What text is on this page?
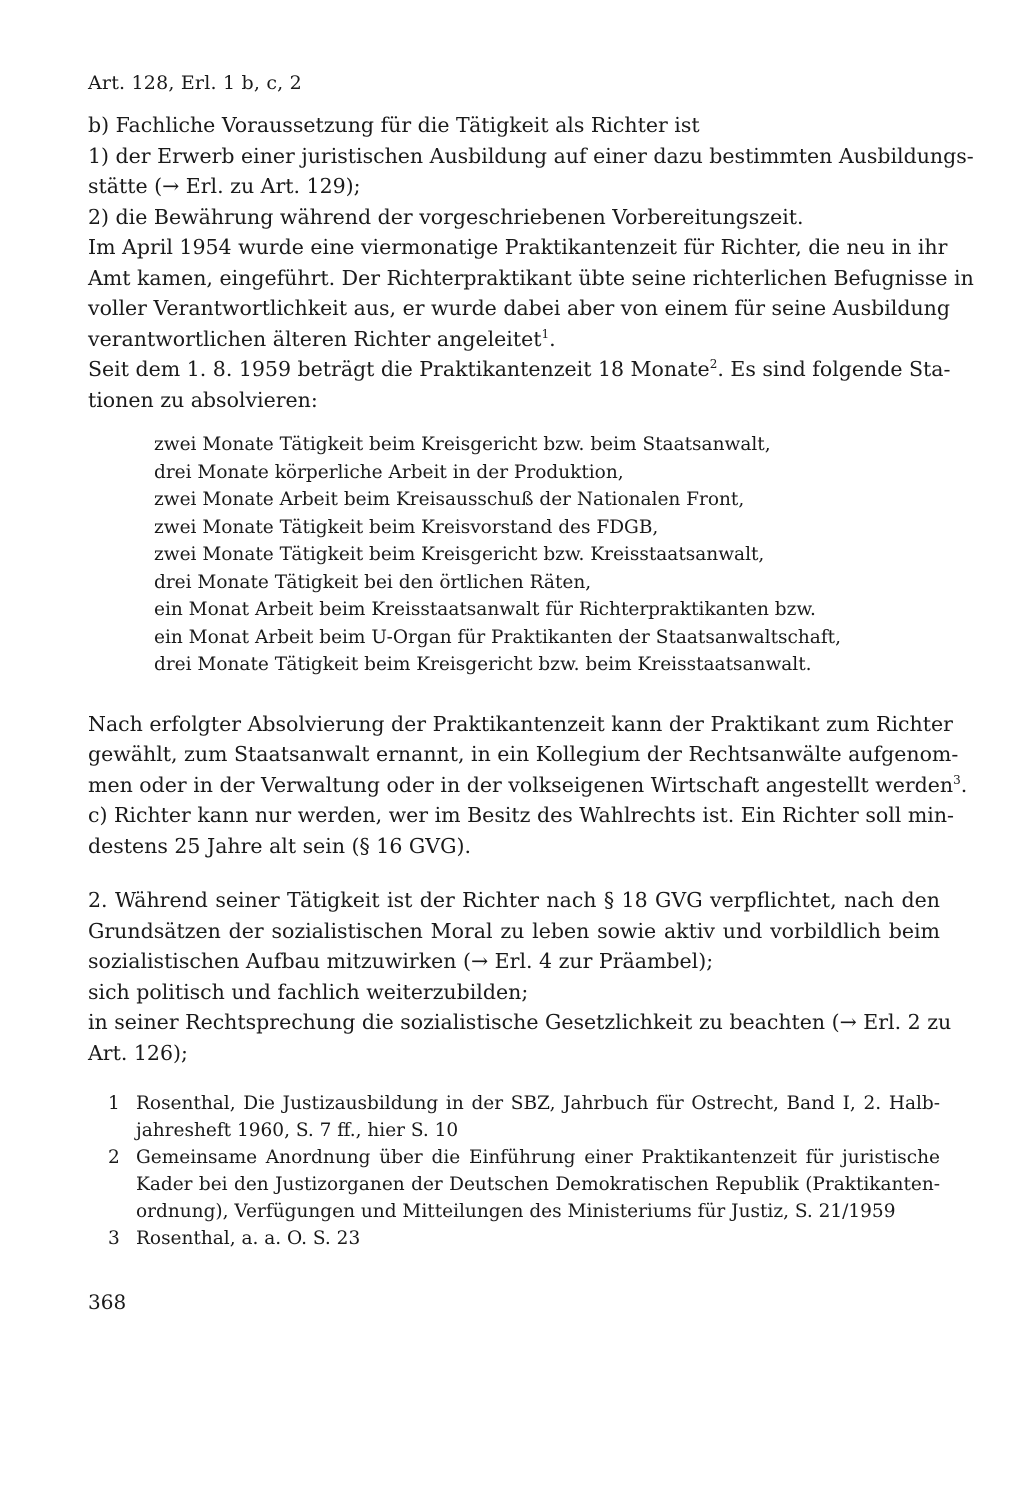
Art. 128, Erl. 1 b, c, 2

b) Fachliche Voraussetzung für die Tätigkeit als Richter ist
1) der Erwerb einer juristischen Ausbildung auf einer dazu bestimmten Ausbildungs-
stätte (→ Erl. zu Art. 129);
2) die Bewährung während der vorgeschriebenen Vorbereitungszeit.

Im April 1954 wurde eine viermonatige Praktikantenzeit für Richter, die neu in ihr
Amt kamen, eingeführt. Der Richterpraktikant übte seine richterlichen Befugnisse in
voller Verantwortlichkeit aus, er wurde dabei aber von einem für seine Ausbildung
verantwortlichen älteren Richter angeleitet$^1$.

Seit dem 1. 8. 1959 beträgt die Praktikantenzeit 18 Monate$^2$. Es sind folgende Sta-
tionen zu absolvieren:

zwei Monate Tätigkeit beim Kreisgericht bzw. beim Staatsanwalt,
drei Monate körperliche Arbeit in der Produktion,
zwei Monate Arbeit beim Kreisausschuß der Nationalen Front,
zwei Monate Tätigkeit beim Kreisvorstand des FDGB,
zwei Monate Tätigkeit beim Kreisgericht bzw. Kreisstaatsanwalt,
drei Monate Tätigkeit bei den örtlichen Räten,
ein Monat Arbeit beim Kreisstaatsanwalt für Richterpraktikanten bzw.
ein Monat Arbeit beim U-Organ für Praktikanten der Staatsanwaltschaft,
drei Monate Tätigkeit beim Kreisgericht bzw. beim Kreisstaatsanwalt.

Nach erfolgter Absolvierung der Praktikantenzeit kann der Praktikant zum Richter
gewählt, zum Staatsanwalt ernannt, in ein Kollegium der Rechtsanwälte aufgenom-
men oder in der Verwaltung oder in der volkseigenen Wirtschaft angestellt werden$^3$.

c) Richter kann nur werden, wer im Besitz des Wahlrechts ist. Ein Richter soll min-
destens 25 Jahre alt sein (§ 16 GVG).

2. Während seiner Tätigkeit ist der Richter nach § 18 GVG verpflichtet, nach den
Grundsätzen der sozialistischen Moral zu leben sowie aktiv und vorbildlich beim
sozialistischen Aufbau mitzuwirken (→ Erl. 4 zur Präambel);
sich politisch und fachlich weiterzubilden;
in seiner Rechtsprechung die sozialistische Gesetzlichkeit zu beachten (→ Erl. 2 zu
Art. 126);

1 Rosenthal, Die Justizausbildung in der SBZ, Jahrbuch für Ostrecht, Band I, 2. Halb-
jahresheft 1960, S. 7 ff., hier S. 10
2 Gemeinsame Anordnung über die Einführung einer Praktikantenzeit für juristische
Kader bei den Justizorganen der Deutschen Demokratischen Republik (Praktikanten-
ordnung), Verfügungen und Mitteilungen des Ministeriums für Justiz, S. 21/1959
3 Rosenthal, a. a. O. S. 23
368
